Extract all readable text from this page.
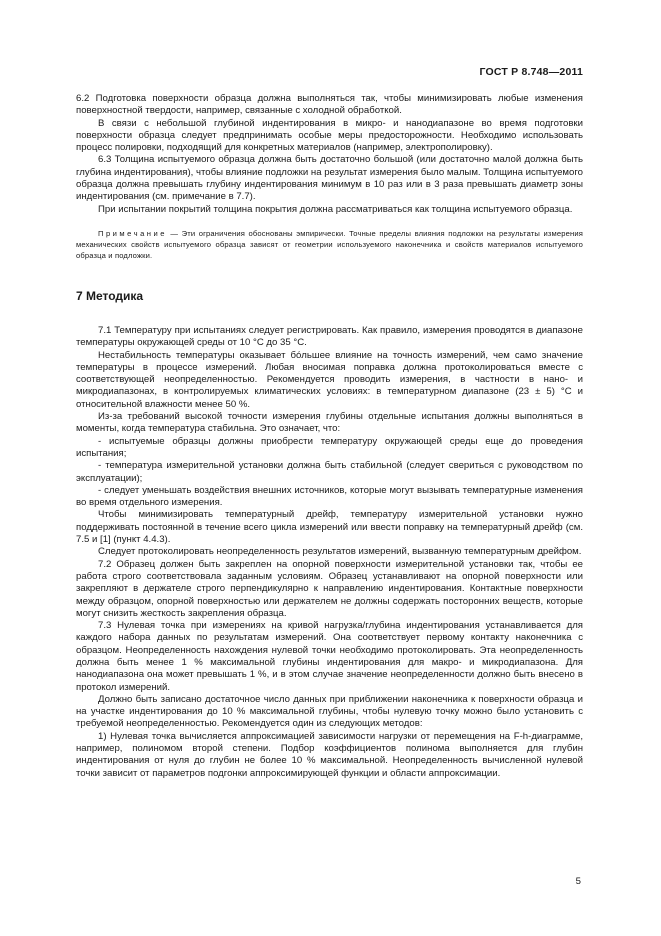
ГОСТ Р 8.748—2011

6.2 Подготовка поверхности образца должна выполняться так, чтобы минимизировать любые изменения поверхностной твердости, например, связанные с холодной обработкой.

В связи с небольшой глубиной индентирования в микро- и нанодиапазоне во время подготовки поверхности образца следует предпринимать особые меры предосторожности. Необходимо использовать процесс полировки, подходящий для конкретных материалов (например, электрополировку).

6.3 Толщина испытуемого образца должна быть достаточно большой (или достаточно малой должна быть глубина индентирования), чтобы влияние подложки на результат измерения было малым. Толщина испытуемого образца должна превышать глубину индентирования минимум в 10 раз или в 3 раза превышать диаметр зоны индентирования (см. примечание в 7.7).

При испытании покрытий толщина покрытия должна рассматриваться как толщина испытуемого образца.

Примечание — Эти ограничения обоснованы эмпирически. Точные пределы влияния подложки на результаты измерения механических свойств испытуемого образца зависят от геометрии используемого наконечника и свойств материалов испытуемого образца и подложки.
7 Методика

7.1 Температуру при испытаниях следует регистрировать. Как правило, измерения проводятся в диапазоне температуры окружающей среды от 10 °С до 35 °С.

Нестабильность температуры оказывает бо́льшее влияние на точность измерений, чем само значение температуры в процессе измерений. Любая вносимая поправка должна протоколироваться вместе с соответствующей неопределенностью. Рекомендуется проводить измерения, в частности в нано- и микродиапазонах, в контролируемых климатических условиях: в температурном диапазоне (23 ± 5) °С и относительной влажности менее 50 %.

Из-за требований высокой точности измерения глубины отдельные испытания должны выполняться в моменты, когда температура стабильна. Это означает, что:

- испытуемые образцы должны приобрести температуру окружающей среды еще до проведения испытания;

- температура измерительной установки должна быть стабильной (следует свериться с руководством по эксплуатации);

- следует уменьшать воздействия внешних источников, которые могут вызывать температурные изменения во время отдельного измерения.

Чтобы минимизировать температурный дрейф, температуру измерительной установки нужно поддерживать постоянной в течение всего цикла измерений или ввести поправку на температурный дрейф (см. 7.5 и [1] (пункт 4.4.3).

Следует протоколировать неопределенность результатов измерений, вызванную температурным дрейфом.

7.2 Образец должен быть закреплен на опорной поверхности измерительной установки так, чтобы ее работа строго соответствовала заданным условиям. Образец устанавливают на опорной поверхности или закрепляют в держателе строго перпендикулярно к направлению индентирования. Контактные поверхности между образцом, опорной поверхностью или держателем не должны содержать посторонних веществ, которые могут снизить жесткость закрепления образца.

7.3 Нулевая точка при измерениях на кривой нагрузка/глубина индентирования устанавливается для каждого набора данных по результатам измерений. Она соответствует первому контакту наконечника с образцом. Неопределенность нахождения нулевой точки необходимо протоколировать. Эта неопределенность должна быть менее 1 % максимальной глубины индентирования для макро- и микродиапазона. Для нанодиапазона она может превышать 1 %, и в этом случае значение неопределенности должно быть внесено в протокол измерений.

Должно быть записано достаточное число данных при приближении наконечника к поверхности образца и на участке индентирования до 10 % максимальной глубины, чтобы нулевую точку можно было установить с требуемой неопределенностью. Рекомендуется один из следующих методов:

1) Нулевая точка вычисляется аппроксимацией зависимости нагрузки от перемещения на F-h-диаграмме, например, полиномом второй степени. Подбор коэффициентов полинома выполняется для глубин индентирования от нуля до глубин не более 10 % максимальной. Неопределенность вычисленной нулевой точки зависит от параметров подгонки аппроксимирующей функции и области аппроксимации.

5
